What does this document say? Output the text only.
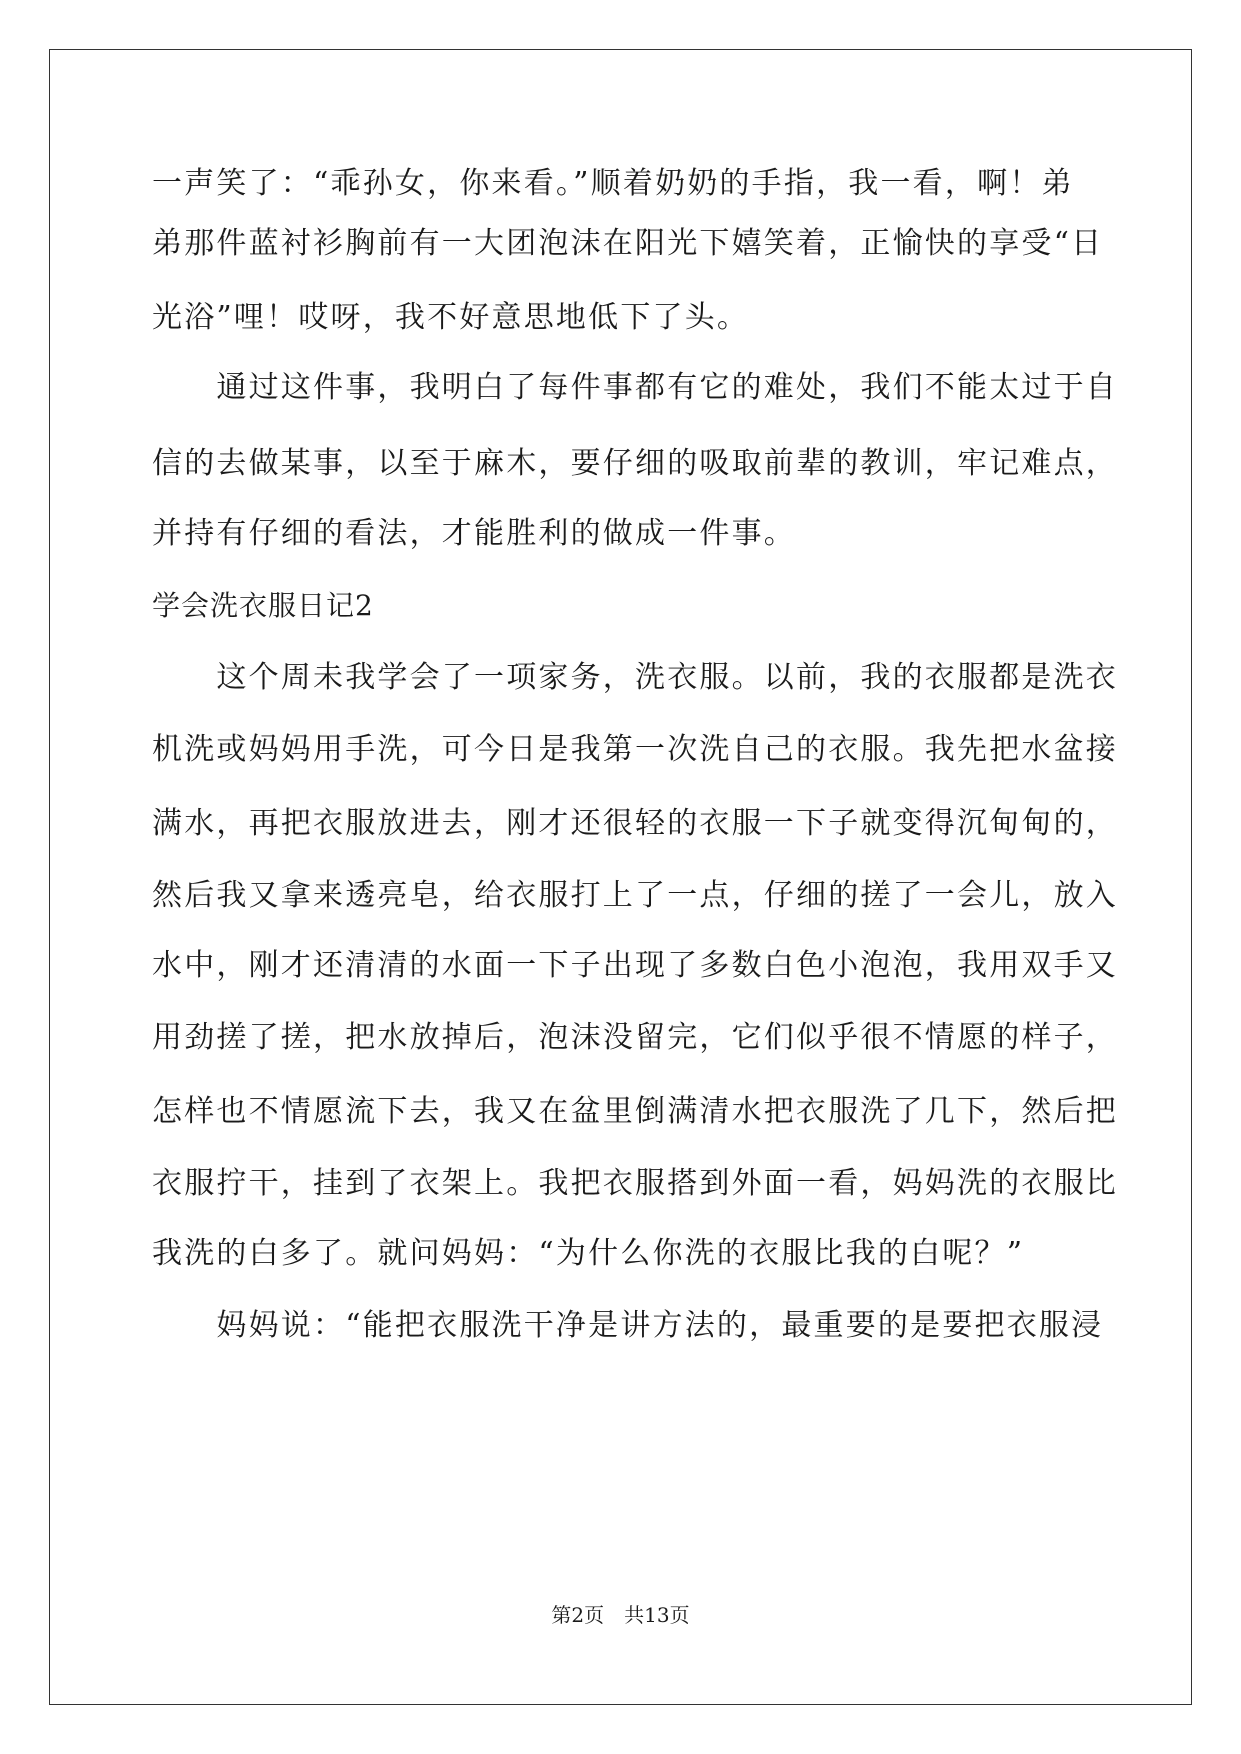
一声笑了：“乖孙女，你来看。”顺着奶奶的手指，我一看，啊！弟
弟那件蓝衬衫胸前有一大团泡沫在阳光下嬉笑着，正愉快的享受“日
光浴”哩！哎呀，我不好意思地低下了头。
　　通过这件事，我明白了每件事都有它的难处，我们不能太过于自
信的去做某事，以至于麻木，要仔细的吸取前辈的教训，牢记难点，
并持有仔细的看法，才能胜利的做成一件事。
学会洗衣服日记2
　　这个周未我学会了一项家务，洗衣服。以前，我的衣服都是洗衣
机洗或妈妈用手洗，可今日是我第一次洗自己的衣服。我先把水盆接
满水，再把衣服放进去，刚才还很轻的衣服一下子就变得沉甸甸的，
然后我又拿来透亮皂，给衣服打上了一点，仔细的搓了一会儿，放入
水中，刚才还清清的水面一下子出现了多数白色小泡泡，我用双手又
用劲搓了搓，把水放掉后，泡沫没留完，它们似乎很不情愿的样子，
怎样也不情愿流下去，我又在盆里倒满清水把衣服洗了几下，然后把
衣服拧干，挂到了衣架上。我把衣服搭到外面一看，妈妈洗的衣服比
我洗的白多了。就问妈妈：“为什么你洗的衣服比我的白呢？”
　　妈妈说：“能把衣服洗干净是讲方法的，最重要的是要把衣服浸
第2页 共13页
